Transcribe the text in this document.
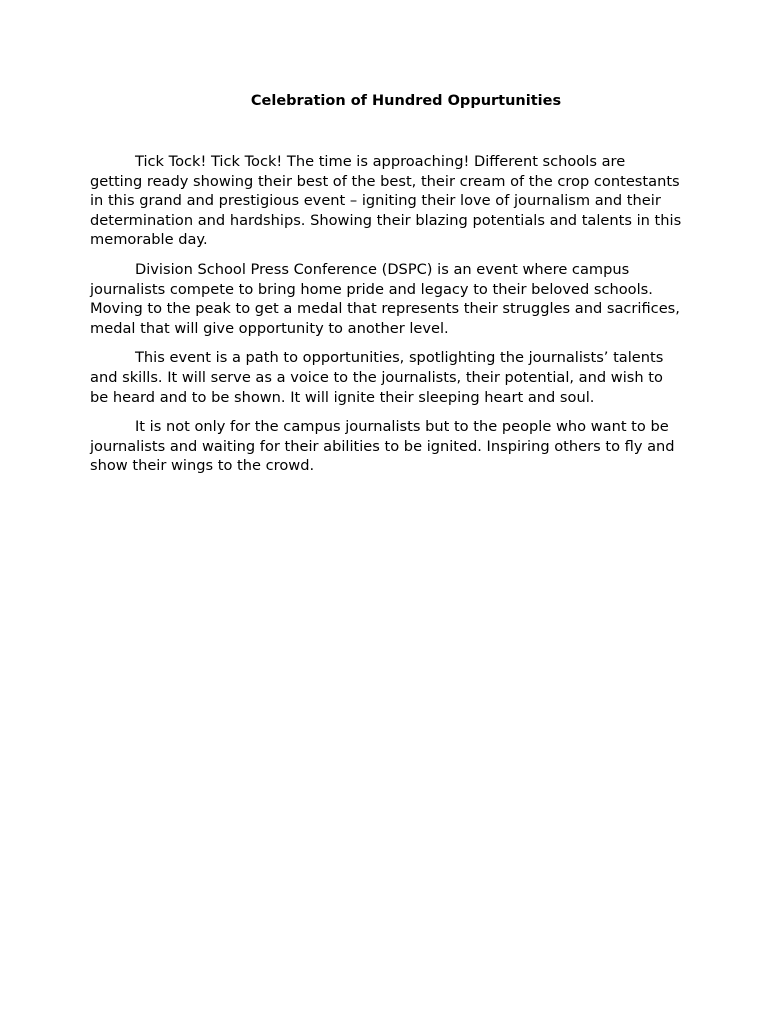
Celebration of Hundred Oppurtunities

Tick Tock! Tick Tock! The time is approaching! Different schools are getting ready showing their best of the best, their cream of the crop contestants in this grand and prestigious event – igniting their love of journalism and their determination and hardships. Showing their blazing potentials and talents in this memorable day.

Division School Press Conference (DSPC) is an event where campus journalists compete to bring home pride and legacy to their beloved schools. Moving to the peak to get a medal that represents their struggles and sacrifices, medal that will give opportunity to another level.

This event is a path to opportunities, spotlighting the journalists’ talents and skills. It will serve as a voice to the journalists, their potential, and wish to be heard and to be shown. It will ignite their sleeping heart and soul.

It is not only for the campus journalists but to the people who want to be journalists and waiting for their abilities to be ignited. Inspiring others to fly and show their wings to the crowd.
